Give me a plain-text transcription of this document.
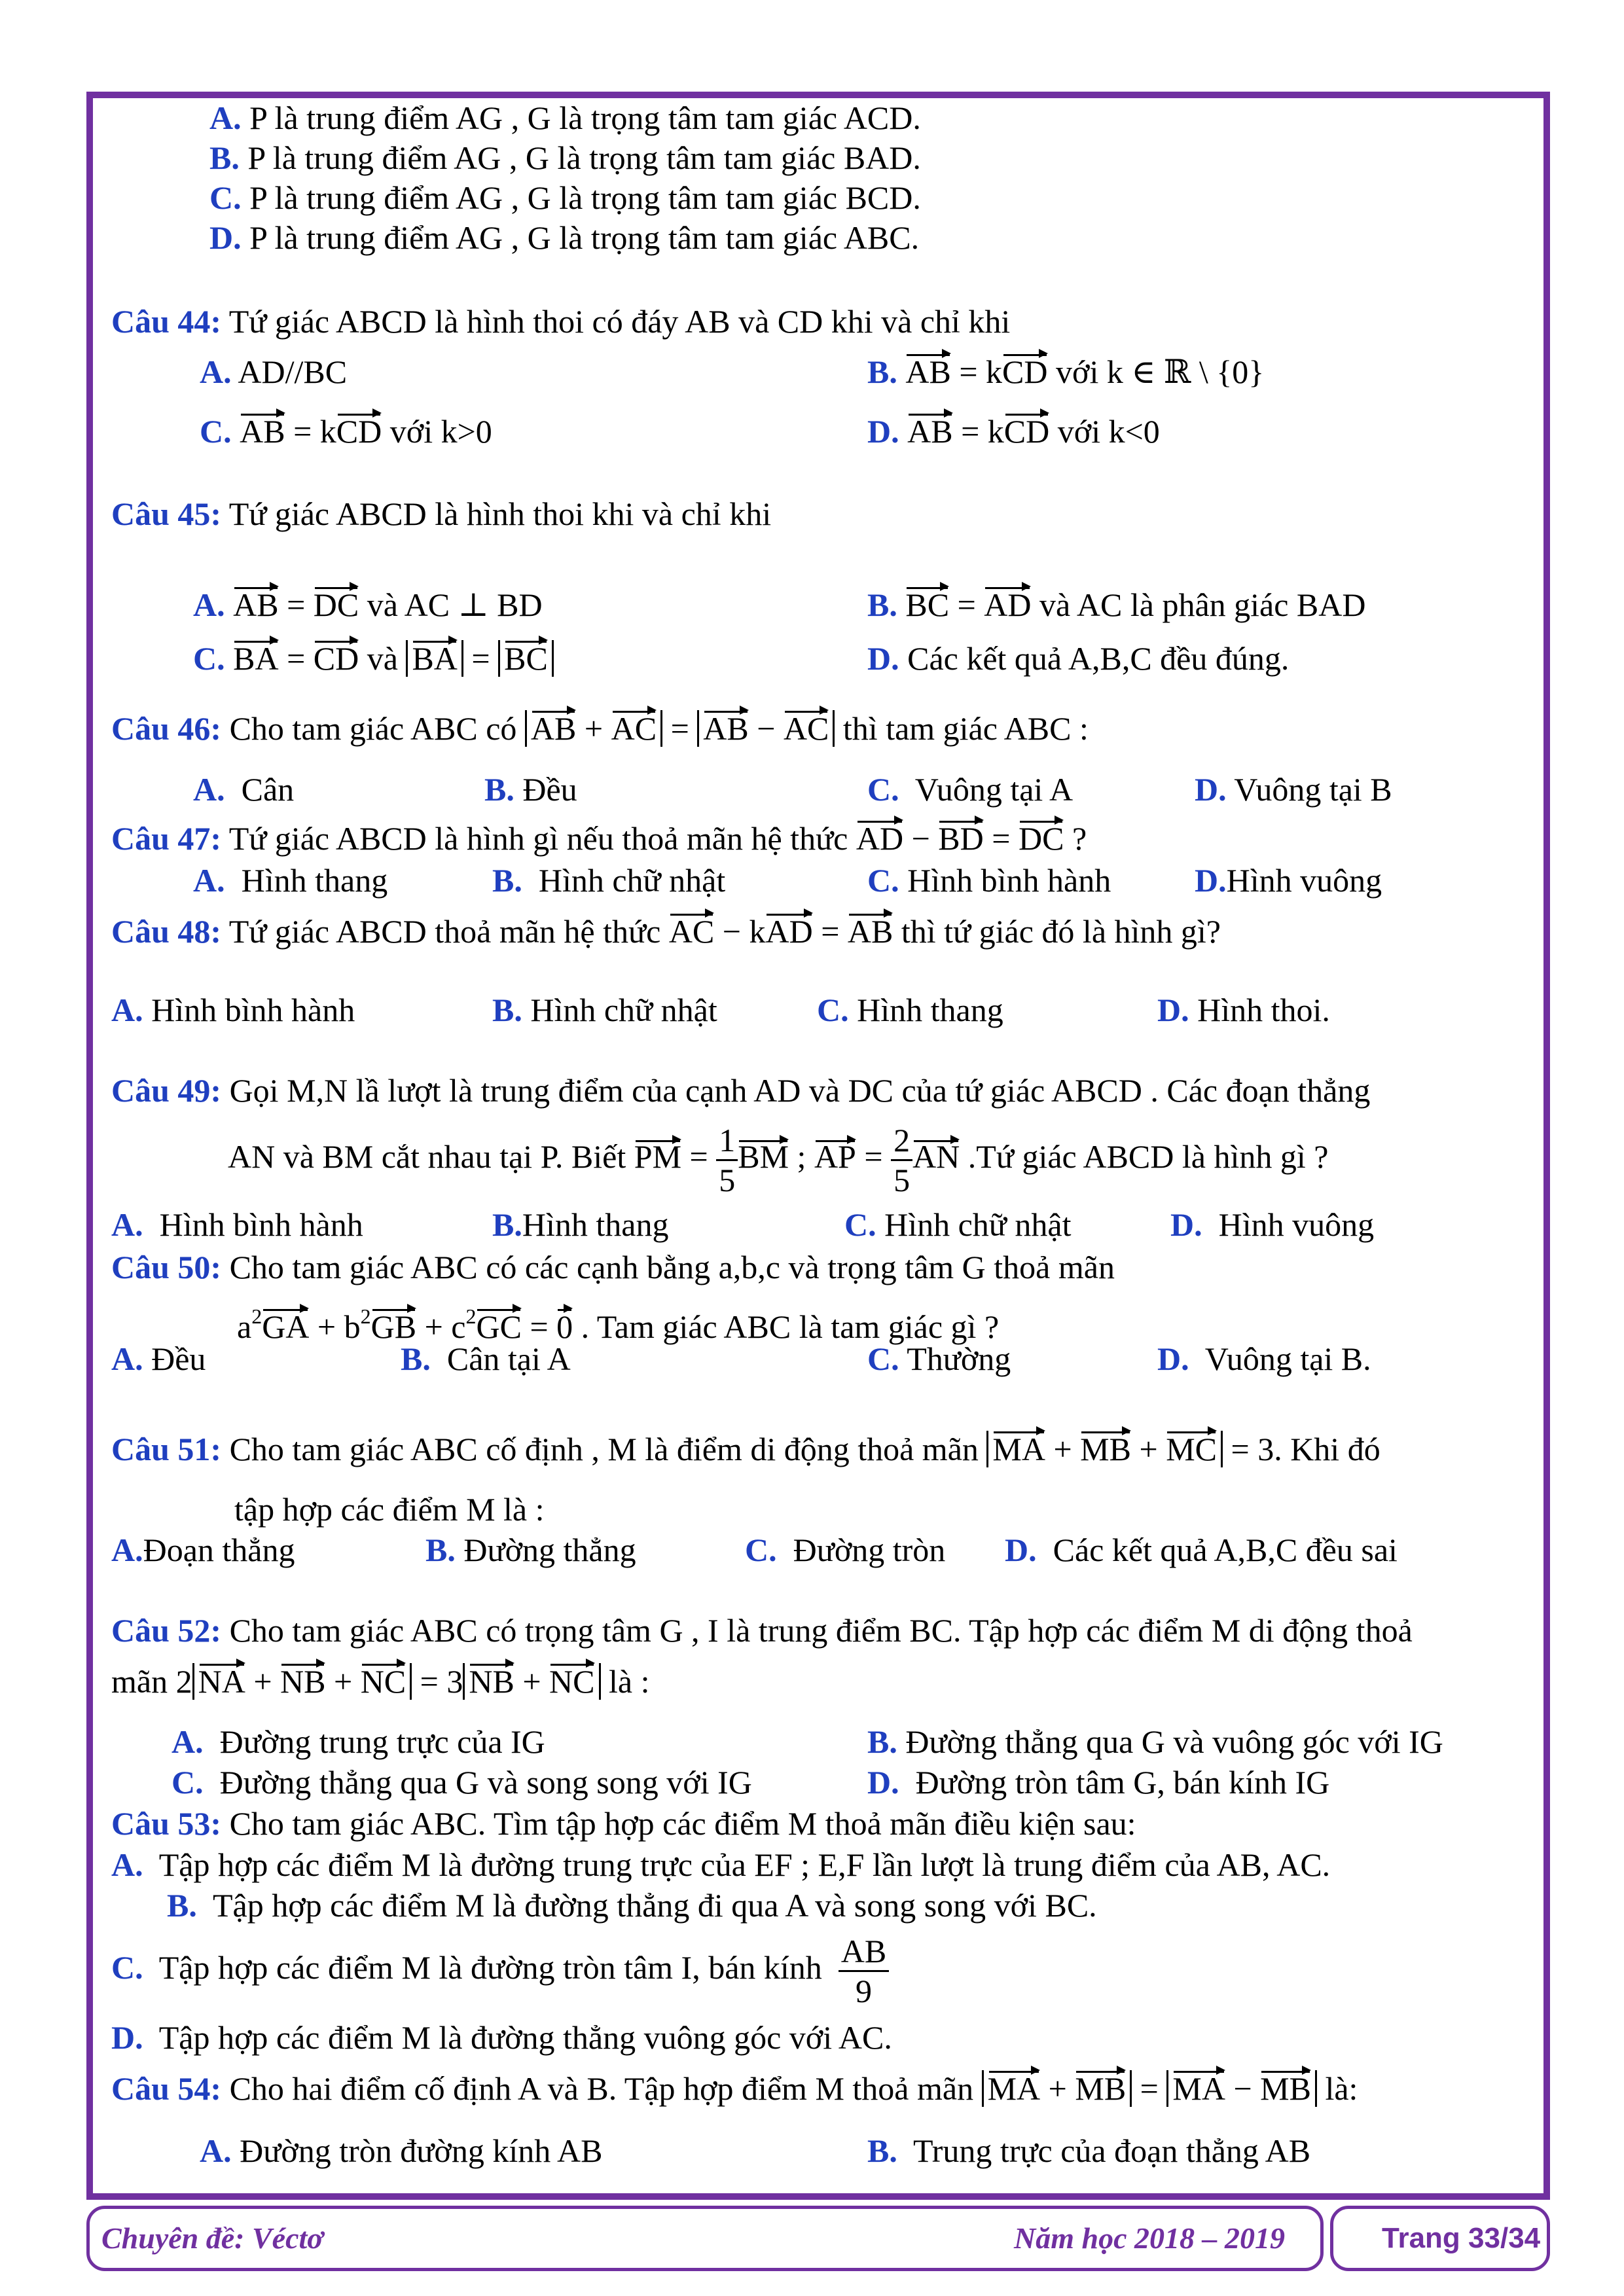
A. P là trung điểm AG , G là trọng tâm tam giác ACD.
B. P là trung điểm AG , G là trọng tâm tam giác BAD.
C. P là trung điểm AG , G là trọng tâm tam giác BCD.
D. P là trung điểm AG , G là trọng tâm tam giác ABC.
Câu 44: Tứ giác ABCD là hình thoi có đáy AB và CD khi và chỉ khi
A. AD//BC	B. AB = kCD với k ∈ ℝ \ {0}
C. AB = kCD với k>0	D. AB = kCD với k<0
Câu 45: Tứ giác ABCD là hình thoi khi và chỉ khi
A. AB = DC và AC ⊥ BD	B. BC = AD và AC là phân giác BAD
C. BA = CD và BA = BC	D. Các kết quả A,B,C đều đúng.
Câu 46: Cho tam giác ABC có AB + AC = AB − AC thì tam giác ABC :
A. Cân	B. Đều	C. Vuông tại A	D. Vuông tại B
Câu 47: Tứ giác ABCD là hình gì nếu thoả mãn hệ thức AD − BD = DC ?
A. Hình thang	B. Hình chữ nhật	C. Hình bình hành	D.Hình vuông
Câu 48: Tứ giác ABCD thoả mãn hệ thức AC − kAD = AB thì tứ giác đó là hình gì?
A. Hình bình hành	B. Hình chữ nhật	C. Hình thang	D. Hình thoi.
Câu 49: Gọi M,N lầ lượt là trung điểm của cạnh AD và DC của tứ giác ABCD . Các đoạn thẳng
AN và BM cắt nhau tại P. Biết PM = $\frac{1}{5}$ BM ; AP = $\frac{2}{5}$ AN .Tứ giác ABCD là hình gì ?
A. Hình bình hành	B.Hình thang	C. Hình chữ nhật	D. Hình vuông
Câu 50: Cho tam giác ABC có các cạnh bằng a,b,c và trọng tâm G thoả mãn
$a^2GA + b^2GB + c^2GC = 0$ . Tam giác ABC là tam giác gì ?
A. Đều	B. Cân tại A	C. Thường	D. Vuông tại B.
Câu 51: Cho tam giác ABC cố định , M là điểm di động thoả mãn MA + MB + MC = 3. Khi đó
tập hợp các điểm M là :
A.Đoạn thẳng	B. Đường thẳng	C. Đường tròn D. Các kết quả A,B,C đều sai
Câu 52: Cho tam giác ABC có trọng tâm G , I là trung điểm BC. Tập hợp các điểm M di động thoả
mãn 2 NA + NB + NC = 3 NB + NC là :
A. Đường trung trực của IG	B. Đường thẳng qua G và vuông góc với IG
C. Đường thẳng qua G và song song với IG	D. Đường tròn tâm G, bán kính IG
Câu 53: Cho tam giác ABC. Tìm tập hợp các điểm M thoả mãn điều kiện sau:
A. Tập hợp các điểm M là đường trung trực của EF ; E,F lần lượt là trung điểm của AB, AC.
B. Tập hợp các điểm M là đường thẳng đi qua A và song song với BC.
C. Tập hợp các điểm M là đường tròn tâm I, bán kính $\frac{AB}{9}$
D. Tập hợp các điểm M là đường thẳng vuông góc với AC.
Câu 54: Cho hai điểm cố định A và B. Tập hợp điểm M thoả mãn MA + MB = MA − MB là:
A. Đường tròn đường kính AB	B. Trung trực của đoạn thẳng AB
Chuyên đề: Véctơ	Năm học 2018 – 2019	Trang 33/34
